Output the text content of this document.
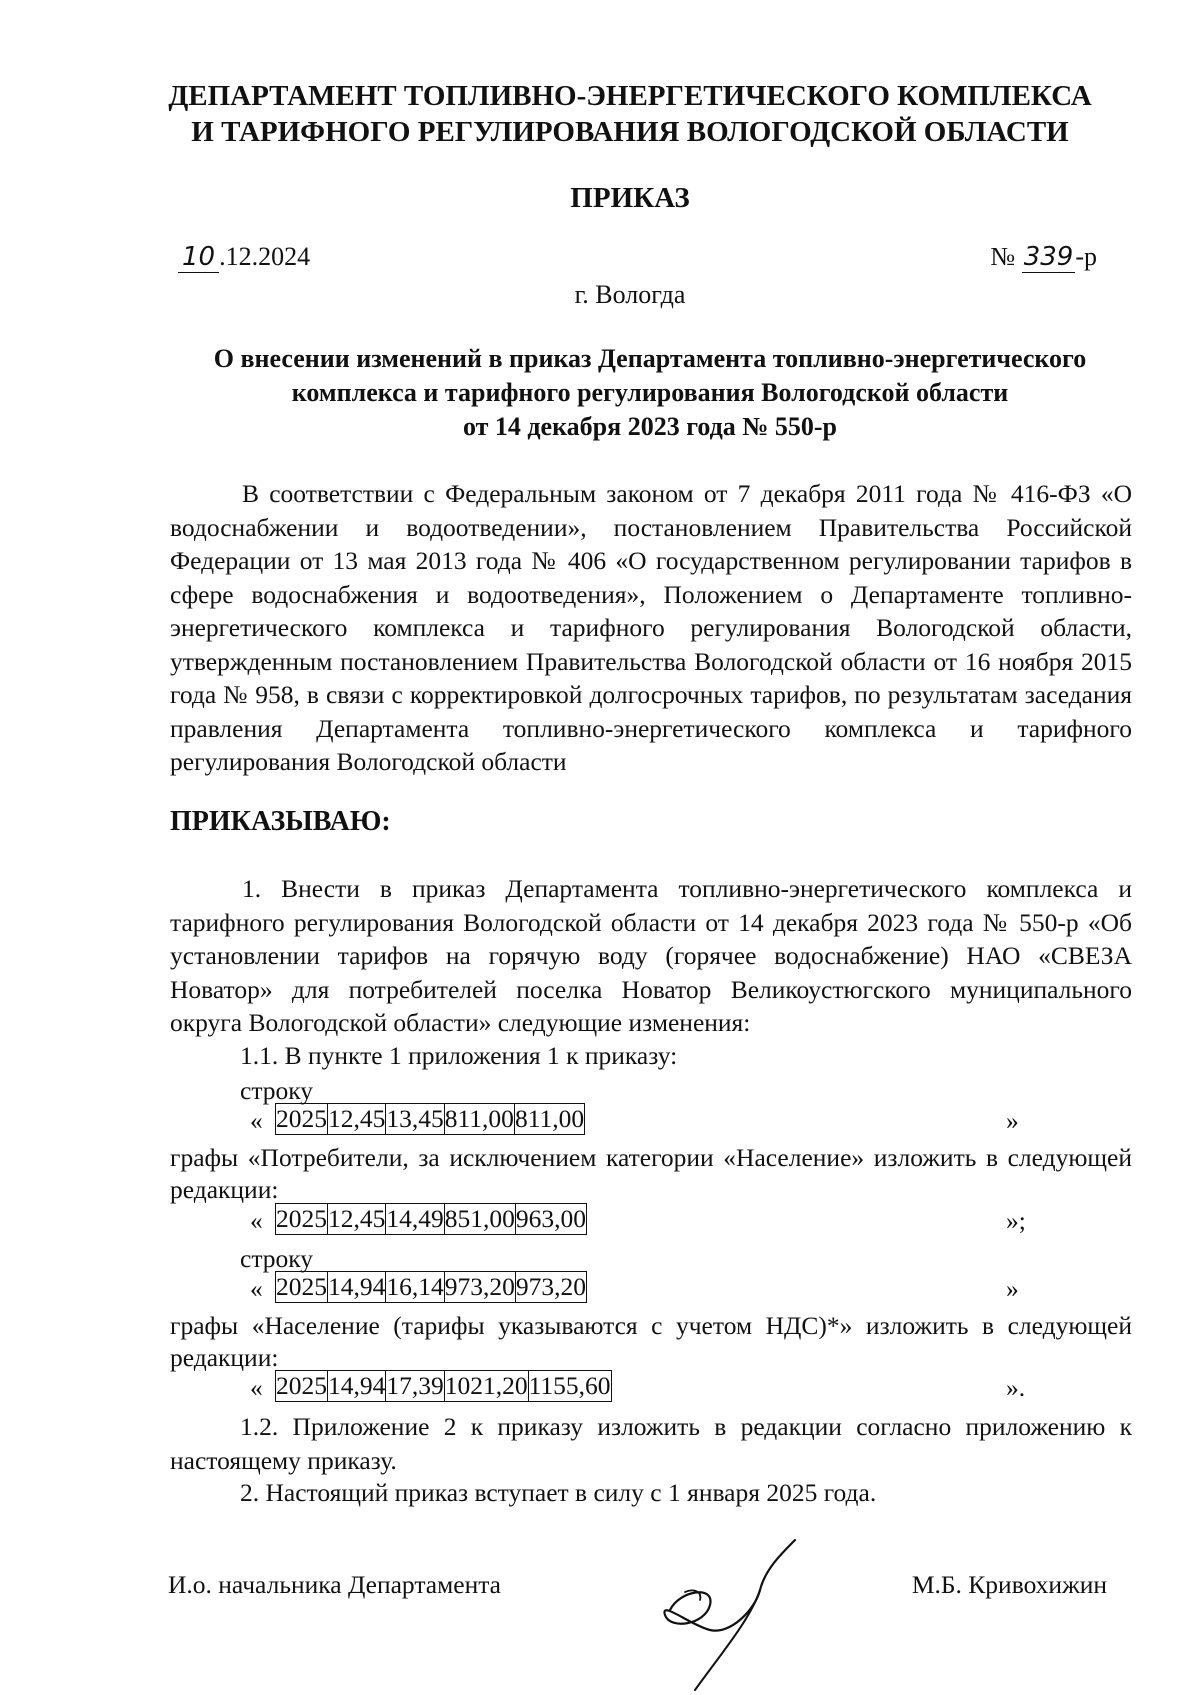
ДЕПАРТАМЕНТ ТОПЛИВНО-ЭНЕРГЕТИЧЕСКОГО КОМПЛЕКСА
И ТАРИФНОГО РЕГУЛИРОВАНИЯ ВОЛОГОДСКОЙ ОБЛАСТИ
ПРИКАЗ
10 .12.2024	№ 339-р
г. Вологда
О внесении изменений в приказ Департамента топливно-энергетического
комплекса и тарифного регулирования Вологодской области
от 14 декабря 2023 года № 550-р
В соответствии с Федеральным законом от 7 декабря 2011 года № 416-ФЗ «О водоснабжении и водоотведении», постановлением Правительства Российской Федерации от 13 мая 2013 года № 406 «О государственном регулировании тарифов в сфере водоснабжения и водоотведения», Положением о Департаменте топливно-энергетического комплекса и тарифного регулирования Вологодской области, утвержденным постановлением Правительства Вологодской области от 16 ноября 2015 года № 958, в связи с корректировкой долгосрочных тарифов, по результатам заседания правления Департамента топливно-энергетического комплекса и тарифного регулирования Вологодской области
ПРИКАЗЫВАЮ:
1. Внести в приказ Департамента топливно-энергетического комплекса и тарифного регулирования Вологодской области от 14 декабря 2023 года № 550-р «Об установлении тарифов на горячую воду (горячее водоснабжение) НАО «СВЕЗА Новатор» для потребителей поселка Новатор Великоустюгского муниципального округа Вологодской области» следующие изменения:
1.1. В пункте 1 приложения 1 к приказу:
строку
« 2025	12,45	13,45	811,00	811,00	»
графы «Потребители, за исключением категории «Население» изложить в следующей редакции:
« 2025	12,45	14,49	851,00	963,00	»;
строку
« 2025	14,94	16,14	973,20	973,20	»
графы «Население (тарифы указываются с учетом НДС)*» изложить в следующей редакции:
« 2025	14,94	17,39	1021,20	1155,60	».
1.2. Приложение 2 к приказу изложить в редакции согласно приложению к настоящему приказу.
2. Настоящий приказ вступает в силу с 1 января 2025 года.
И.о. начальника Департамента	М.Б. Кривохижин
